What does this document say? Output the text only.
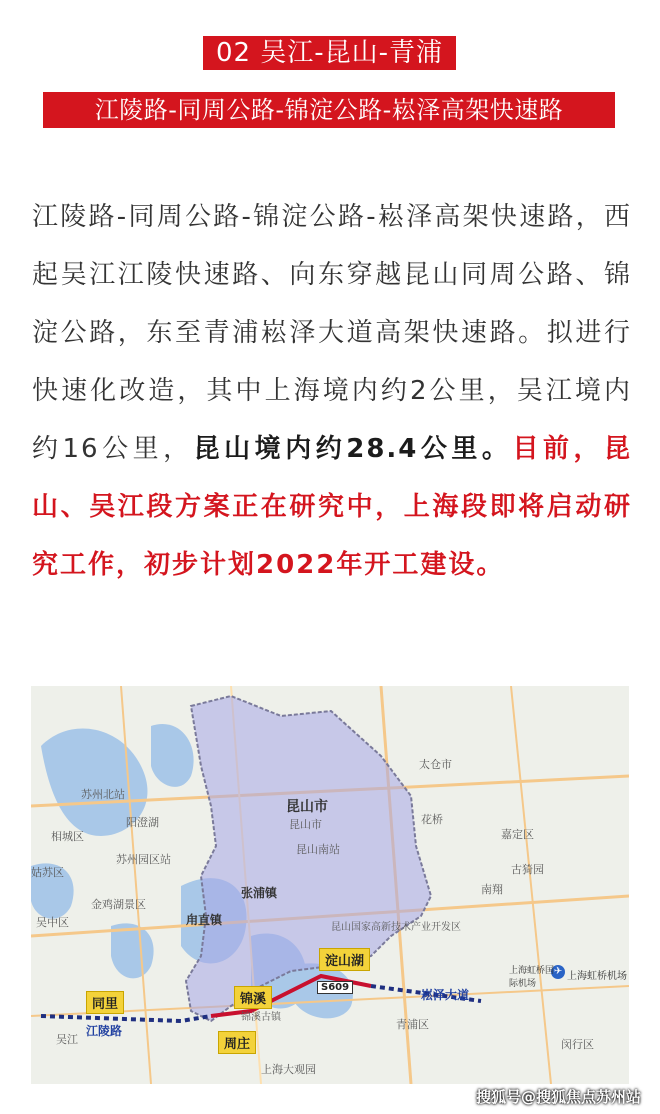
02 吴江-昆山-青浦
江陵路-同周公路-锦淀公路-崧泽高架快速路
江陵路-同周公路-锦淀公路-崧泽高架快速路，西起吴江江陵快速路、向东穿越昆山同周公路、锦淀公路，东至青浦崧泽大道高架快速路。拟进行快速化改造，其中上海境内约2公里，吴江境内约16公里，昆山境内约28.4公里。目前，昆山、吴江段方案正在研究中，上海段即将启动研究工作，初步计划2022年开工建设。
昆山市
昆山市
太仓市
张浦镇
甪直镇
青浦区
嘉定区
苏州北站
苏州园区站
相城区
姑苏区
吴中区
金鸡湖景区
阳澄湖	花桥
南翔
昆山南站
古猗园
昆山国家高新技术产业开发区
锦溪古镇
上海大观园
闵行区
吴江
同里	锦溪
周庄
淀山湖
江陵路
崧泽大道
S609
✈ 上海虹桥机场
上海虹桥国际机场
搜狐号@搜狐焦点苏州站
